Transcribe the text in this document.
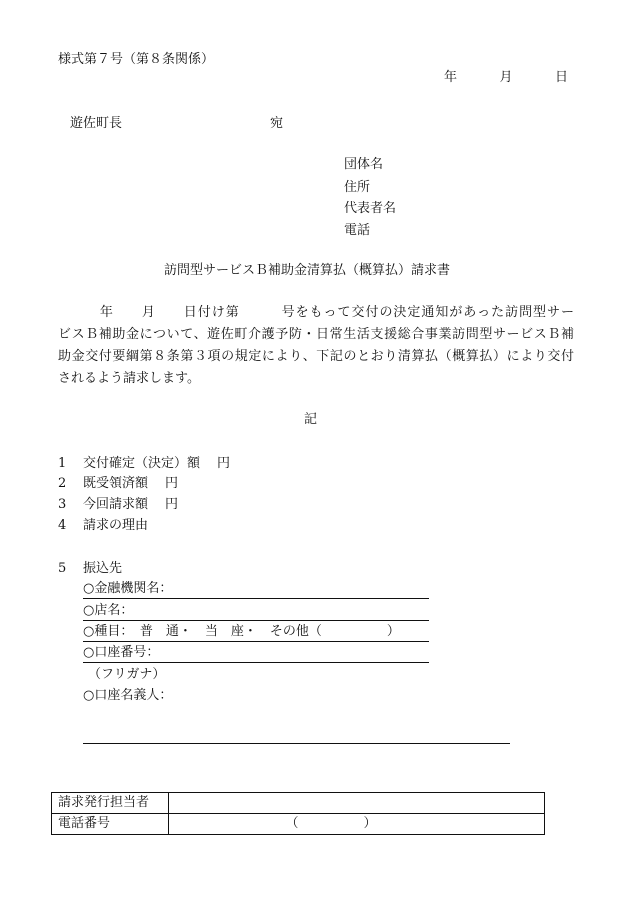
様式第７号（第８条関係）
年	月	日
遊佐町長	宛
団体名
住所
代表者名
電話
訪問型サービスＢ補助金清算払（概算払）請求書
　　　年　　月　　日付け第　　　号をもって交付の決定通知があった訪問型サー
ビスＢ補助金について、遊佐町介護予防・日常生活支援総合事業訪問型サービスＢ補
助金交付要綱第８条第３項の規定により、下記のとおり清算払（概算払）により交付
されるよう請求します。
記
1 交付確定（決定）額 円
2 既受領済額 円
3 今回請求額 円
4 請求の理由
5 振込先
○金融機関名：
○店名：
○種目：　普　通・　当　座・　その他（　　　　　）
○口座番号：
（フリガナ）
○口座名義人：
請求発行担当者	
電話番号	　　　　　　　　　（　　　　　）
